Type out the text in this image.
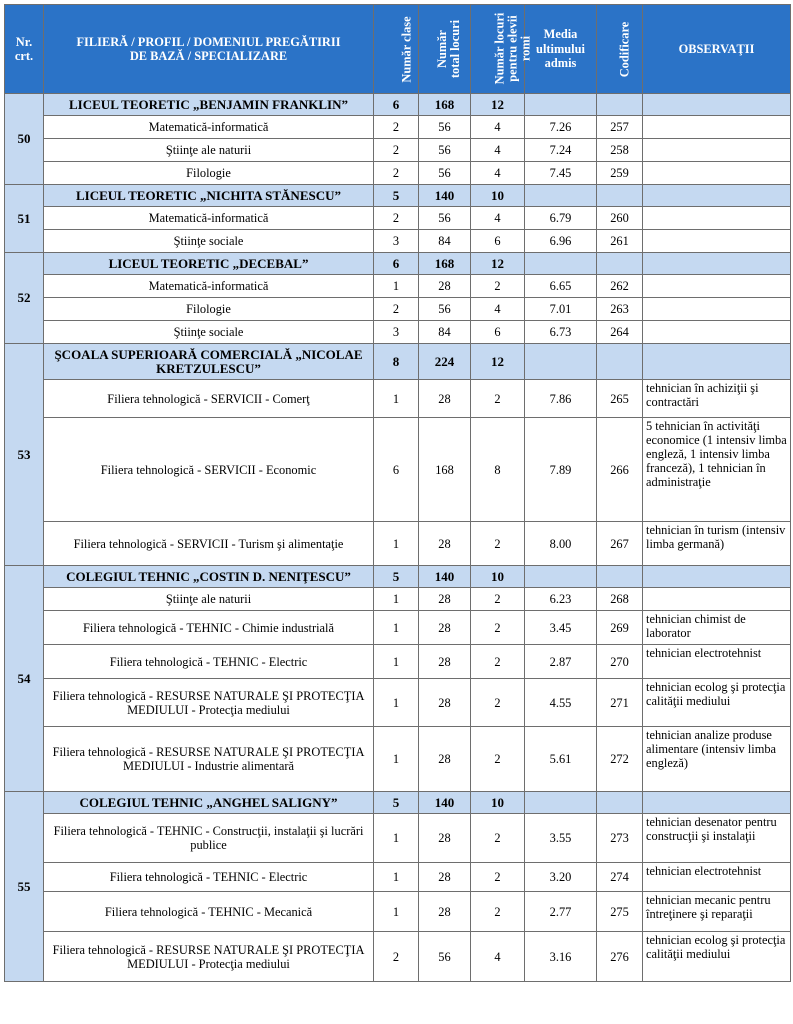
Nr. crt.	FILIERĂ / PROFIL / DOMENIUL PREGĂTIRII DE BAZĂ / SPECIALIZARE	Număr clase	Număr total locuri	Număr locuri pentru elevii romi	Media ultimului admis	Codificare	OBSERVAŢII
50	LICEUL TEORETIC „BENJAMIN FRANKLIN”	6	168	12			
	Matematică-informatică	2	56	4	7.26	257	
	Ştiinţe ale naturii	2	56	4	7.24	258	
	Filologie	2	56	4	7.45	259	
51	LICEUL TEORETIC „NICHITA STĂNESCU”	5	140	10			
	Matematică-informatică	2	56	4	6.79	260	
	Ştiinţe sociale	3	84	6	6.96	261	
52	LICEUL TEORETIC „DECEBAL”	6	168	12			
	Matematică-informatică	1	28	2	6.65	262	
	Filologie	2	56	4	7.01	263	
	Ştiinţe sociale	3	84	6	6.73	264	
53	ŞCOALA SUPERIOARĂ COMERCIALĂ „NICOLAE KRETZULESCU”	8	224	12			
	Filiera tehnologică - SERVICII - Comerţ	1	28	2	7.86	265	tehnician în achiziţii şi contractări
	Filiera tehnologică - SERVICII - Economic	6	168	8	7.89	266	5 tehnician în activităţi economice (1 intensiv limba engleză, 1 intensiv limba franceză), 1 tehnician în administraţie
	Filiera tehnologică - SERVICII - Turism şi alimentaţie	1	28	2	8.00	267	tehnician în turism (intensiv limba germană)
54	COLEGIUL TEHNIC „COSTIN D. NENIŢESCU”	5	140	10			
	Ştiinţe ale naturii	1	28	2	6.23	268	
	Filiera tehnologică - TEHNIC - Chimie industrială	1	28	2	3.45	269	tehnician chimist de laborator
	Filiera tehnologică - TEHNIC - Electric	1	28	2	2.87	270	tehnician electrotehnist
	Filiera tehnologică - RESURSE NATURALE ŞI PROTECŢIA MEDIULUI - Protecţia mediului	1	28	2	4.55	271	tehnician ecolog şi protecţia calităţii mediului
	Filiera tehnologică - RESURSE NATURALE ŞI PROTECŢIA MEDIULUI - Industrie alimentară	1	28	2	5.61	272	tehnician analize produse alimentare (intensiv limba engleză)
55	COLEGIUL TEHNIC „ANGHEL SALIGNY”	5	140	10			
	Filiera tehnologică - TEHNIC - Construcţii, instalaţii şi lucrări publice	1	28	2	3.55	273	tehnician desenator pentru construcţii şi instalaţii
	Filiera tehnologică - TEHNIC - Electric	1	28	2	3.20	274	tehnician electrotehnist
	Filiera tehnologică - TEHNIC - Mecanică	1	28	2	2.77	275	tehnician mecanic pentru întreţinere şi reparaţii
	Filiera tehnologică - RESURSE NATURALE ŞI PROTECŢIA MEDIULUI - Protecţia mediului	2	56	4	3.16	276	tehnician ecolog şi protecţia calităţii mediului
